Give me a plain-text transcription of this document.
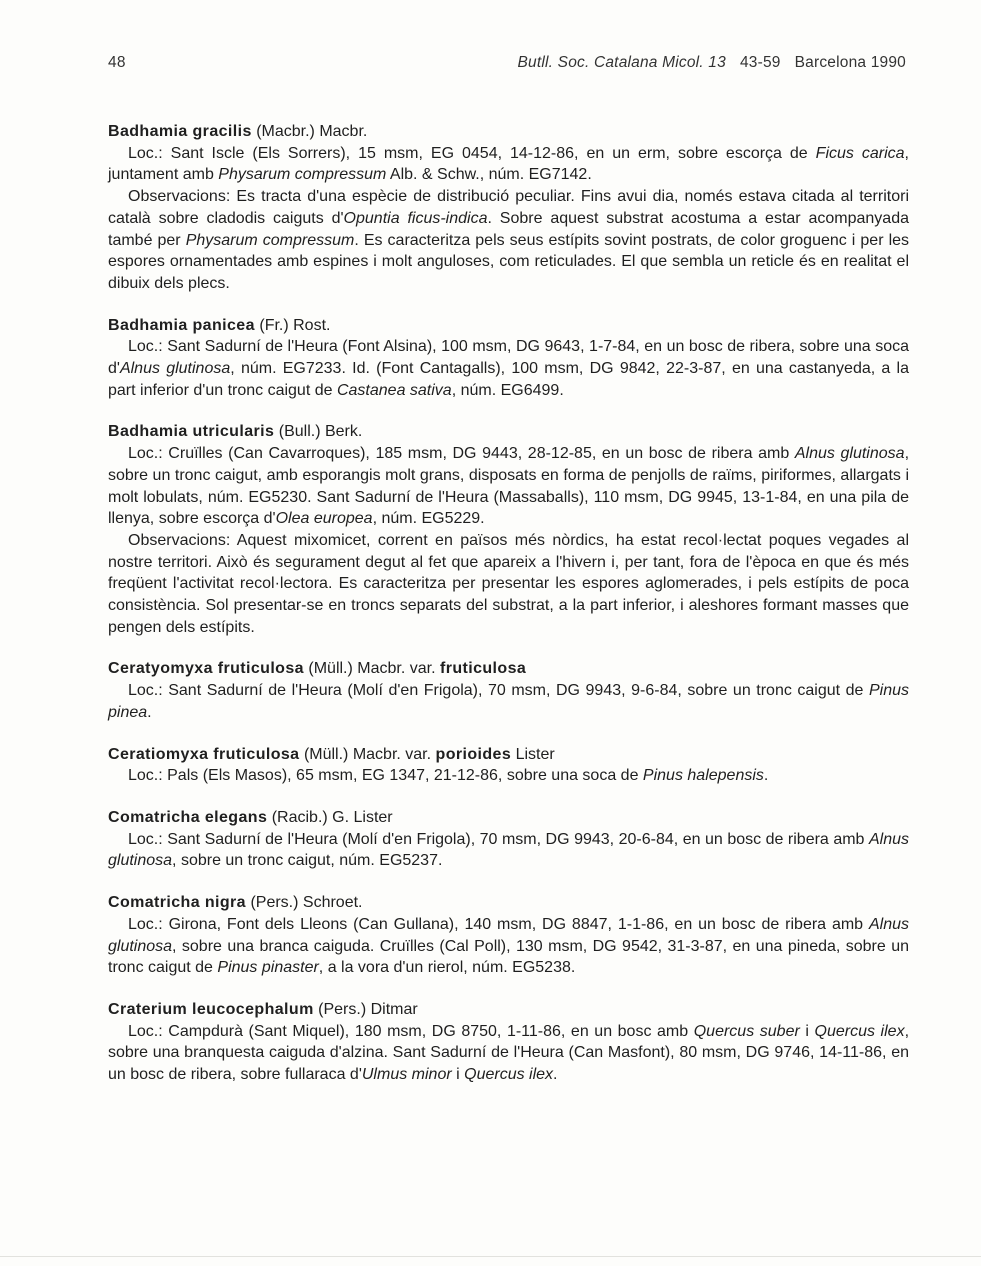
48	Butll. Soc. Catalana Micol. 13 43-59 Barcelona 1990

Badhamia gracilis (Macbr.) Macbr.

Loc.: Sant Iscle (Els Sorrers), 15 msm, EG 0454, 14-12-86, en un erm, sobre escorça de Ficus carica, juntament amb Physarum compressum Alb. & Schw., núm. EG7142.

Observacions: Es tracta d'una espècie de distribució peculiar. Fins avui dia, només estava citada al territori català sobre cladodis caiguts d'Opuntia ficus-indica. Sobre aquest substrat acostuma a estar acompanyada també per Physarum compressum. Es caracteritza pels seus estípits sovint postrats, de color groguenc i per les espores ornamentades amb espines i molt anguloses, com reticulades. El que sembla un reticle és en realitat el dibuix dels plecs.

Badhamia panicea (Fr.) Rost.

Loc.: Sant Sadurní de l'Heura (Font Alsina), 100 msm, DG 9643, 1-7-84, en un bosc de ribera, sobre una soca d'Alnus glutinosa, núm. EG7233. Id. (Font Cantagalls), 100 msm, DG 9842, 22-3-87, en una castanyeda, a la part inferior d'un tronc caigut de Castanea sativa, núm. EG6499.

Badhamia utricularis (Bull.) Berk.

Loc.: Cruïlles (Can Cavarroques), 185 msm, DG 9443, 28-12-85, en un bosc de ribera amb Alnus glutinosa, sobre un tronc caigut, amb esporangis molt grans, disposats en forma de penjolls de raïms, piriformes, allargats i molt lobulats, núm. EG5230. Sant Sadurní de l'Heura (Massaballs), 110 msm, DG 9945, 13-1-84, en una pila de llenya, sobre escorça d'Olea europea, núm. EG5229.

Observacions: Aquest mixomicet, corrent en països més nòrdics, ha estat recol·lectat poques vegades al nostre territori. Això és segurament degut al fet que apareix a l'hivern i, per tant, fora de l'època en que és més freqüent l'activitat recol·lectora. Es caracteritza per presentar les espores aglomerades, i pels estípits de poca consistència. Sol presentar-se en troncs separats del substrat, a la part inferior, i aleshores formant masses que pengen dels estípits.

Ceratyomyxa fruticulosa (Müll.) Macbr. var. fruticulosa

Loc.: Sant Sadurní de l'Heura (Molí d'en Frigola), 70 msm, DG 9943, 9-6-84, sobre un tronc caigut de Pinus pinea.

Ceratiomyxa fruticulosa (Müll.) Macbr. var. porioides Lister

Loc.: Pals (Els Masos), 65 msm, EG 1347, 21-12-86, sobre una soca de Pinus halepensis.

Comatricha elegans (Racib.) G. Lister

Loc.: Sant Sadurní de l'Heura (Molí d'en Frigola), 70 msm, DG 9943, 20-6-84, en un bosc de ribera amb Alnus glutinosa, sobre un tronc caigut, núm. EG5237.

Comatricha nigra (Pers.) Schroet.

Loc.: Girona, Font dels Lleons (Can Gullana), 140 msm, DG 8847, 1-1-86, en un bosc de ribera amb Alnus glutinosa, sobre una branca caiguda. Cruïlles (Cal Poll), 130 msm, DG 9542, 31-3-87, en una pineda, sobre un tronc caigut de Pinus pinaster, a la vora d'un rierol, núm. EG5238.

Craterium leucocephalum (Pers.) Ditmar

Loc.: Campdurà (Sant Miquel), 180 msm, DG 8750, 1-11-86, en un bosc amb Quercus suber i Quercus ilex, sobre una branquesta caiguda d'alzina. Sant Sadurní de l'Heura (Can Masfont), 80 msm, DG 9746, 14-11-86, en un bosc de ribera, sobre fullaraca d'Ulmus minor i Quercus ilex.
